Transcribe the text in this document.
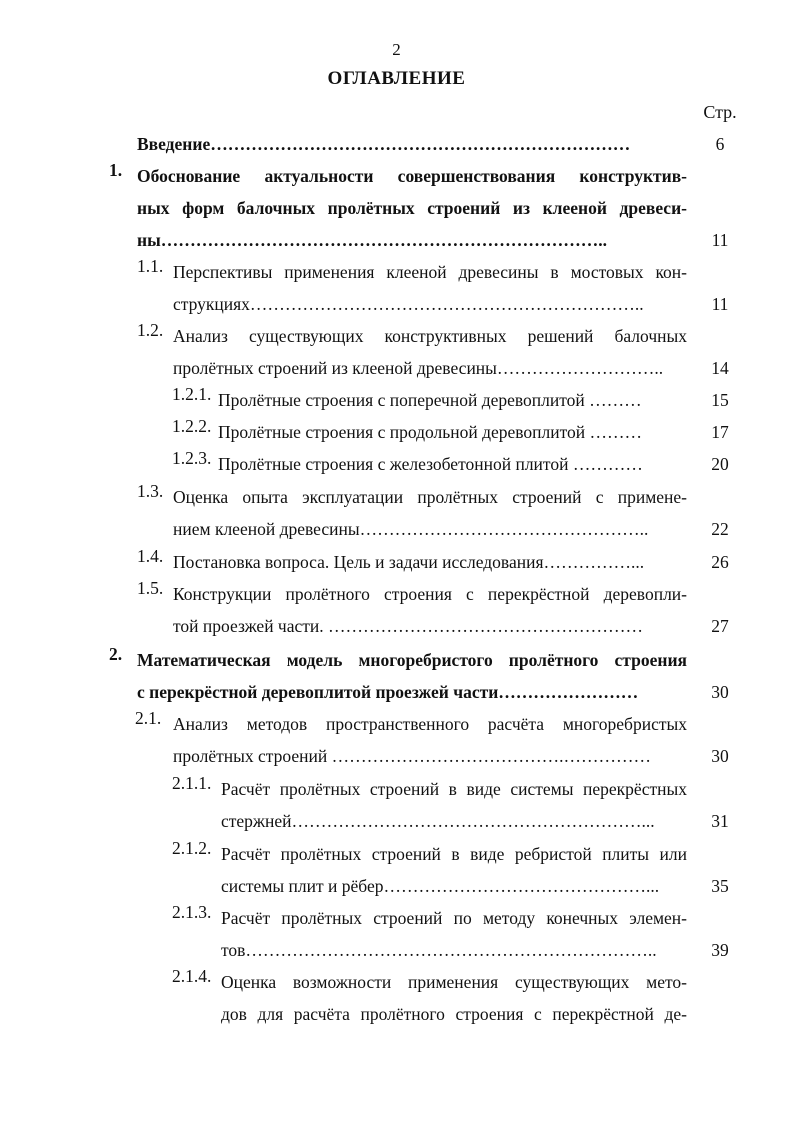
2
ОГЛАВЛЕНИЕ
Стр.
Введение………………………………………………………………	6
1. Обоснование актуальности совершенствования конструктив-
ных форм балочных пролётных строений из клееной древеси-
ны…………………………………………………………………..	11
1.1. Перспективы применения клееной древесины в мостовых кон-
струкциях…………………………………………………………..	11
1.2. Анализ существующих конструктивных решений балочных
пролётных строений из клееной древесины………………………..	14
1.2.1. Пролётные строения с поперечной деревоплитой ………	15
1.2.2. Пролётные строения с продольной деревоплитой ………	17
1.2.3. Пролётные строения с железобетонной плитой …………	20
1.3. Оценка опыта эксплуатации пролётных строений с примене-
нием клееной древесины…………………………………………..	22
1.4. Постановка вопроса. Цель и задачи исследования……………...	26
1.5. Конструкции пролётного строения с перекрёстной деревопли-
той проезжей части. ………………………………………………	27
2. Математическая модель многоребристого пролётного строения
с перекрёстной деревоплитой проезжей части……………………	30
2.1. Анализ методов пространственного расчёта многоребристых
пролётных строений ………………………………….……………	30
2.1.1. Расчёт пролётных строений в виде системы перекрёстных
стержней……………………………………………………...	31
2.1.2. Расчёт пролётных строений в виде ребристой плиты или
системы плит и рёбер………………………………………...	35
2.1.3. Расчёт пролётных строений по методу конечных элемен-
тов……………………………………………………………..	39
2.1.4. Оценка возможности применения существующих мето-
дов для расчёта пролётного строения с перекрёстной де-
